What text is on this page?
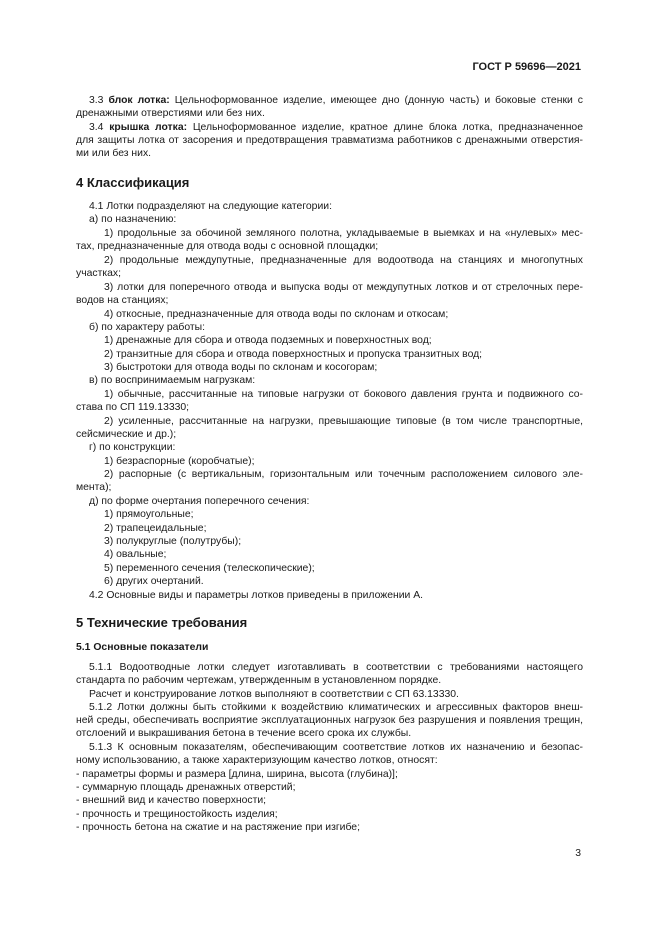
ГОСТ Р 59696—2021
3.3 блок лотка: Цельноформованное изделие, имеющее дно (донную часть) и боковые стенки с
дренажными отверстиями или без них.
3.4 крышка лотка: Цельноформованное изделие, кратное длине блока лотка, предназначенное
для защиты лотка от засорения и предотвращения травматизма работников с дренажными отверстия-
ми или без них.
4 Классификация
4.1 Лотки подразделяют на следующие категории:
а) по назначению:
1) продольные за обочиной земляного полотна, укладываемые в выемках и на «нулевых» мес-
тах, предназначенные для отвода воды с основной площадки;
2) продольные междупутные, предназначенные для водоотвода на станциях и многопутных
участках;
3) лотки для поперечного отвода и выпуска воды от междупутных лотков и от стрелочных пере-
водов на станциях;
4) откосные, предназначенные для отвода воды по склонам и откосам;
б) по характеру работы:
1) дренажные для сбора и отвода подземных и поверхностных вод;
2) транзитные для сбора и отвода поверхностных и пропуска транзитных вод;
3) быстротоки для отвода воды по склонам и косогорам;
в) по воспринимаемым нагрузкам:
1) обычные, рассчитанные на типовые нагрузки от бокового давления грунта и подвижного со-
става по СП 119.13330;
2) усиленные, рассчитанные на нагрузки, превышающие типовые (в том числе транспортные,
сейсмические и др.);
г) по конструкции:
1) безраспорные (коробчатые);
2) распорные (с вертикальным, горизонтальным или точечным расположением силового эле-
мента);
д) по форме очертания поперечного сечения:
1) прямоугольные;
2) трапецеидальные;
3) полукруглые (полутрубы);
4) овальные;
5) переменного сечения (телескопические);
6) других очертаний.
4.2 Основные виды и параметры лотков приведены в приложении А.
5 Технические требования
5.1 Основные показатели
5.1.1 Водоотводные лотки следует изготавливать в соответствии с требованиями настоящего
стандарта по рабочим чертежам, утвержденным в установленном порядке.
Расчет и конструирование лотков выполняют в соответствии с СП 63.13330.
5.1.2 Лотки должны быть стойкими к воздействию климатических и агрессивных факторов внеш-
ней среды, обеспечивать восприятие эксплуатационных нагрузок без разрушения и появления трещин,
отслоений и выкрашивания бетона в течение всего срока их службы.
5.1.3 К основным показателям, обеспечивающим соответствие лотков их назначению и безопас-
ному использованию, а также характеризующим качество лотков, относят:
- параметры формы и размера [длина, ширина, высота (глубина)];
- суммарную площадь дренажных отверстий;
- внешний вид и качество поверхности;
- прочность и трещиностойкость изделия;
- прочность бетона на сжатие и на растяжение при изгибе;
3
